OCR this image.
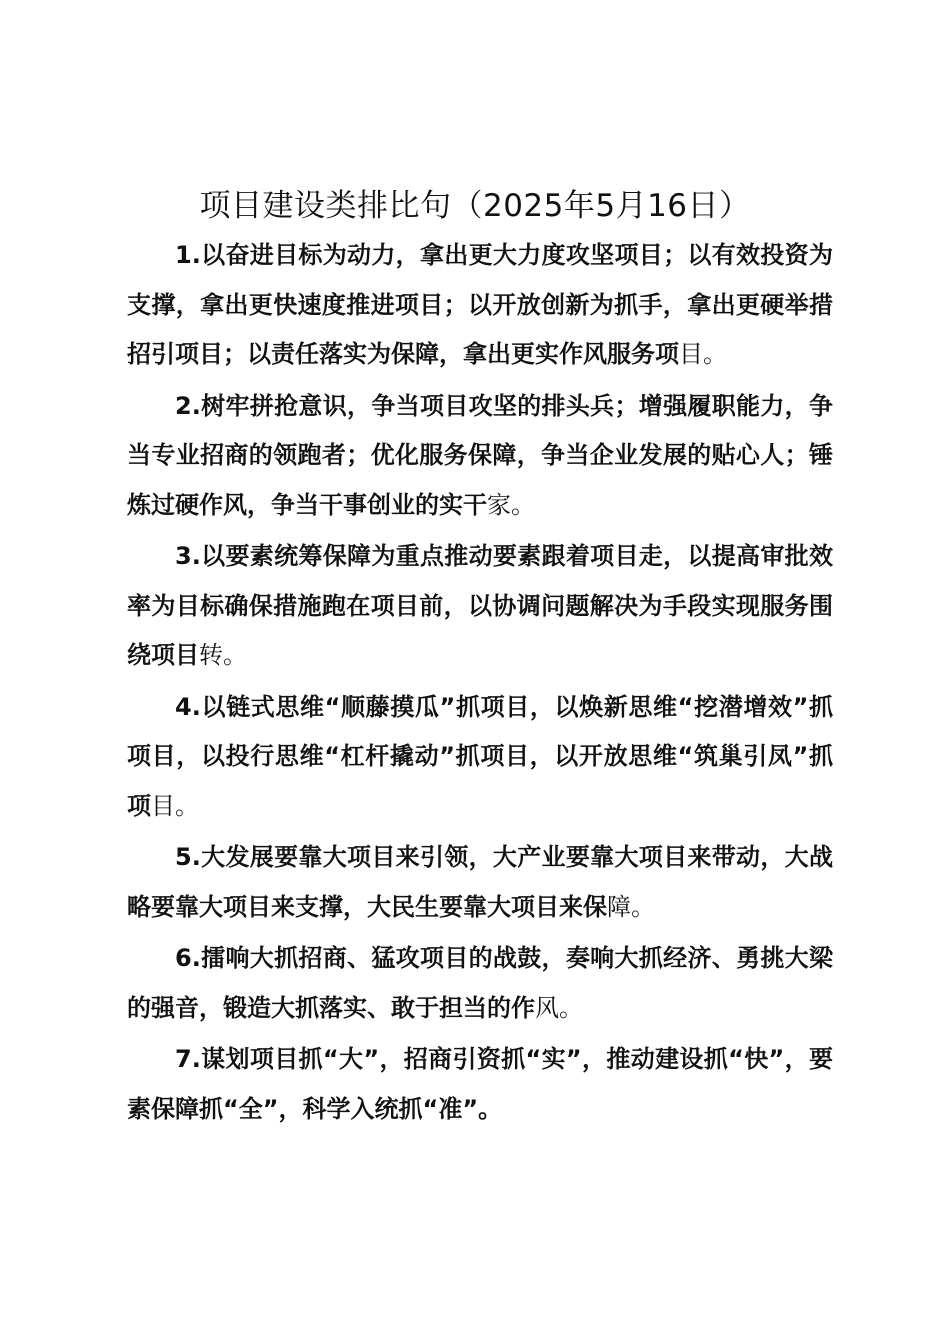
项目建设类排比句（2025年5月16日）

1.以奋进目标为动力，拿出更大力度攻坚项目；以有效投资为支撑，拿出更快速度推进项目；以开放创新为抓手，拿出更硬举措招引项目；以责任落实为保障，拿出更实作风服务项目。

2.树牢拼抢意识，争当项目攻坚的排头兵；增强履职能力，争当专业招商的领跑者；优化服务保障，争当企业发展的贴心人；锤炼过硬作风，争当干事创业的实干家。

3.以要素统筹保障为重点推动要素跟着项目走，以提高审批效率为目标确保措施跑在项目前，以协调问题解决为手段实现服务围绕项目转。

4.以链式思维“顺藤摸瓜”抓项目，以焕新思维“挖潜增效”抓项目，以投行思维“杠杆撬动”抓项目，以开放思维“筑巢引凤”抓项目。

5.大发展要靠大项目来引领，大产业要靠大项目来带动，大战略要靠大项目来支撑，大民生要靠大项目来保障。

6.擂响大抓招商、猛攻项目的战鼓，奏响大抓经济、勇挑大梁的强音，锻造大抓落实、敢于担当的作风。

7.谋划项目抓“大”，招商引资抓“实”，推动建设抓“快”，要素保障抓“全”，科学入统抓“准”。
